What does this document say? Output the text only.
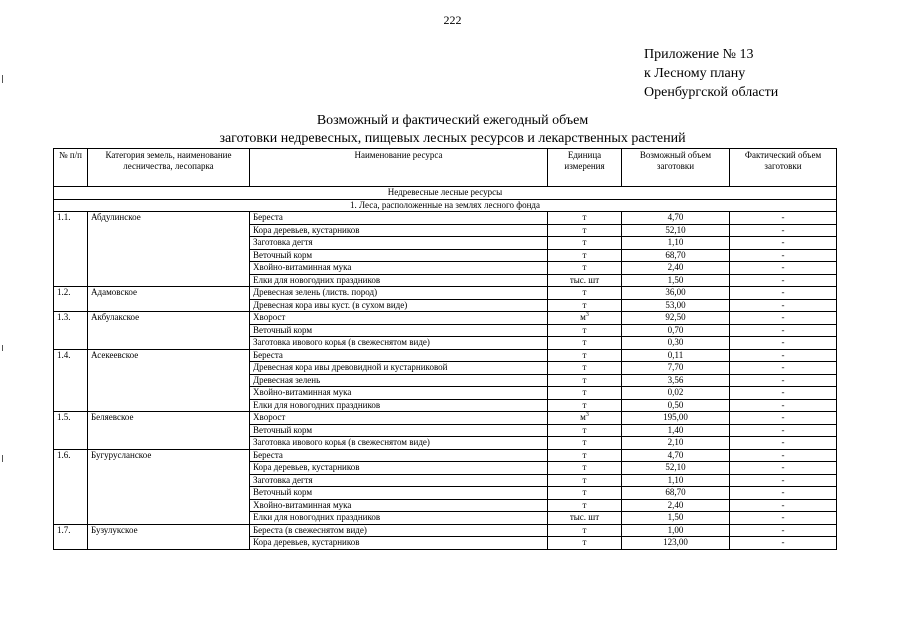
222
Приложение № 13
к Лесному плану
Оренбургской области
Возможный и фактический ежегодный объем
заготовки недревесных, пищевых лесных ресурсов и лекарственных растений
№ п/п	Категория земель, наименование лесничества, лесопарка	Наименование ресурса	Единица измерения	Возможный объем заготовки	Фактический объем заготовки
Недревесные лесные ресурсы					
1. Леса, расположенные на землях лесного фонда					
1.1.	Абдулинское	Береста	т	4,70	-
		Кора деревьев, кустарников	т	52,10	-
		Заготовка дегтя	т	1,10	-
		Веточный корм	т	68,70	-
		Хвойно-витаминная мука	т	2,40	-
		Елки для новогодних праздников	тыс. шт	1,50	-
1.2.	Адамовское	Древесная зелень (листв. пород)	т	36,00	-
		Древесная кора ивы куст. (в сухом виде)	т	53,00	-
1.3.	Акбулакское	Хворост	$м^3$	92,50	-
		Веточный корм	т	0,70	-
		Заготовка ивового корья (в свежеснятом виде)	т	0,30	-
1.4.	Асекеевское	Береста	т	0,11	-
		Древесная кора ивы древовидной и кустарниковой	т	7,70	-
		Древесная зелень	т	3,56	-
		Хвойно-витаминная мука	т	0,02	-
		Елки для новогодних праздников	т	0,50	-
1.5.	Беляевское	Хворост	$м^3$	195,00	-
		Веточный корм	т	1,40	-
		Заготовка ивового корья (в свежеснятом виде)	т	2,10	-
1.6.	Бугурусланское	Береста	т	4,70	-
		Кора деревьев, кустарников	т	52,10	-
		Заготовка дегтя	т	1,10	-
		Веточный корм	т	68,70	-
		Хвойно-витаминная мука	т	2,40	-
		Елки для новогодних праздников	тыс. шт	1,50	-
1.7.	Бузулукское	Береста (в свежеснятом виде)	т	1,00	-
		Кора деревьев, кустарников	т	123,00	-
